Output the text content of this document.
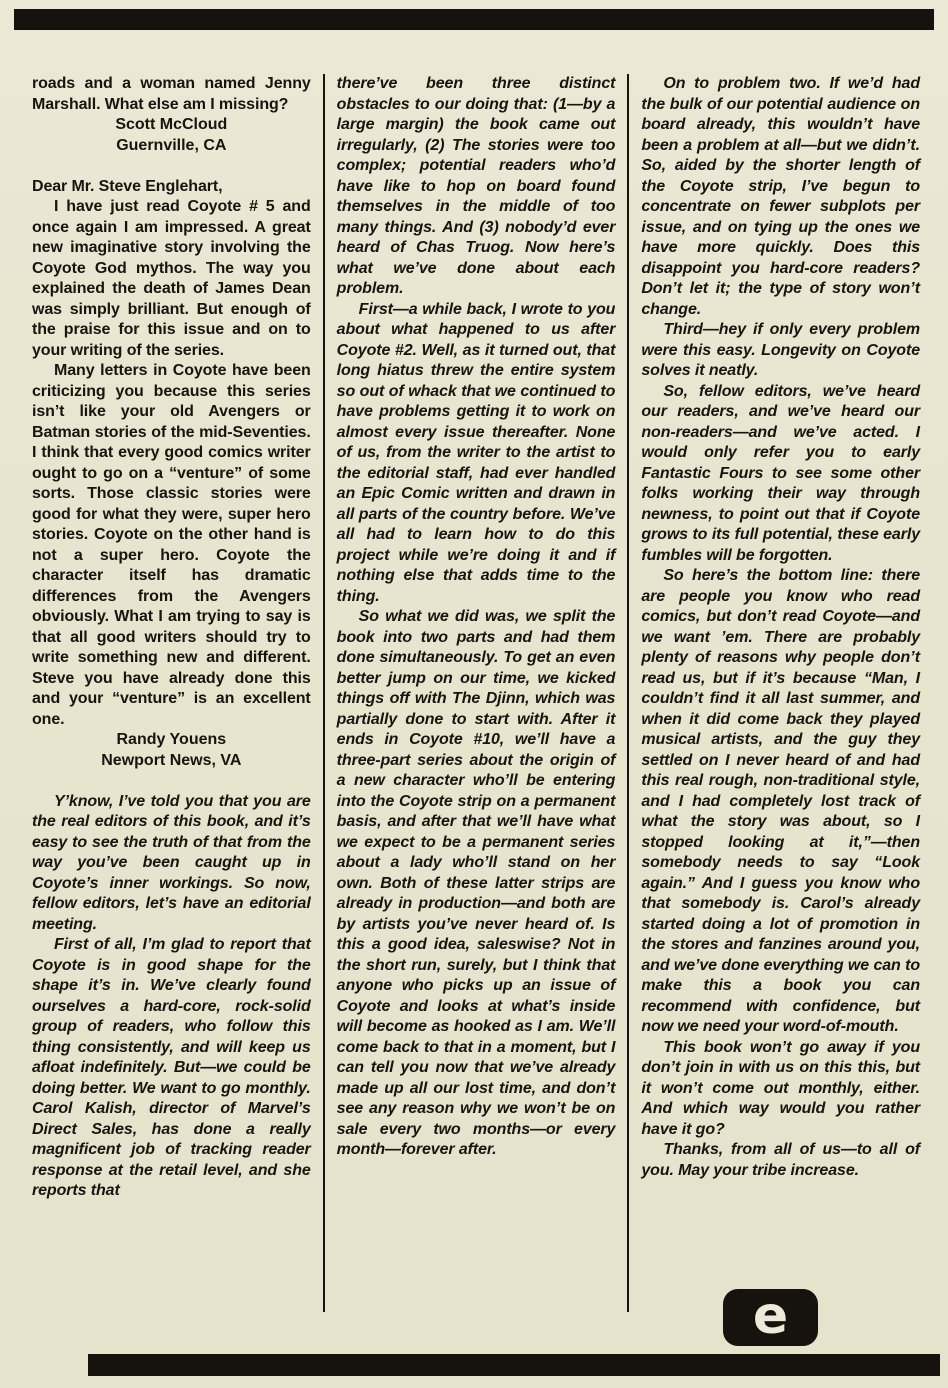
roads and a woman named Jenny Marshall. What else am I missing?

Scott McCloud
Guernville, CA

Dear Mr. Steve Englehart,

I have just read Coyote # 5 and once again I am impressed. A great new imaginative story involving the Coyote God mythos. The way you explained the death of James Dean was simply brilliant. But enough of the praise for this issue and on to your writing of the series.

Many letters in Coyote have been criticizing you because this series isn’t like your old Avengers or Batman stories of the mid-Seventies. I think that every good comics writer ought to go on a “venture” of some sorts. Those classic stories were good for what they were, super hero stories. Coyote on the other hand is not a super hero. Coyote the character itself has dramatic differences from the Avengers obviously. What I am trying to say is that all good writers should try to write something new and different. Steve you have already done this and your “venture” is an excellent one.

Randy Youens
Newport News, VA

Y’know, I’ve told you that you are the real editors of this book, and it’s easy to see the truth of that from the way you’ve been caught up in Coyote’s inner workings. So now, fellow editors, let’s have an editorial meeting.

First of all, I’m glad to report that Coyote is in good shape for the shape it’s in. We’ve clearly found ourselves a hard-core, rock-solid group of readers, who follow this thing consistently, and will keep us afloat indefinitely. But—we could be doing better. We want to go monthly. Carol Kalish, director of Marvel’s Direct Sales, has done a really magnificent job of tracking reader response at the retail level, and she reports that

there’ve been three distinct obstacles to our doing that: (1—by a large margin) the book came out irregularly, (2) The stories were too complex; potential readers who’d have like to hop on board found themselves in the middle of too many things. And (3) nobody’d ever heard of Chas Truog. Now here’s what we’ve done about each problem.

First—a while back, I wrote to you about what happened to us after Coyote #2. Well, as it turned out, that long hiatus threw the entire system so out of whack that we continued to have problems getting it to work on almost every issue thereafter. None of us, from the writer to the artist to the editorial staff, had ever handled an Epic Comic written and drawn in all parts of the country before. We’ve all had to learn how to do this project while we’re doing it and if nothing else that adds time to the thing.

So what we did was, we split the book into two parts and had them done simultaneously. To get an even better jump on our time, we kicked things off with The Djinn, which was partially done to start with. After it ends in Coyote #10, we’ll have a three-part series about the origin of a new character who’ll be entering into the Coyote strip on a permanent basis, and after that we’ll have what we expect to be a permanent series about a lady who’ll stand on her own. Both of these latter strips are already in production—and both are by artists you’ve never heard of. Is this a good idea, saleswise? Not in the short run, surely, but I think that anyone who picks up an issue of Coyote and looks at what’s inside will become as hooked as I am. We’ll come back to that in a moment, but I can tell you now that we’ve already made up all our lost time, and don’t see any reason why we won’t be on sale every two months—or every month—forever after.

On to problem two. If we’d had the bulk of our potential audience on board already, this wouldn’t have been a problem at all—but we didn’t. So, aided by the shorter length of the Coyote strip, I’ve begun to concentrate on fewer subplots per issue, and on tying up the ones we have more quickly. Does this disappoint you hard-core readers? Don’t let it; the type of story won’t change.

Third—hey if only every problem were this easy. Longevity on Coyote solves it neatly.

So, fellow editors, we’ve heard our readers, and we’ve heard our non-readers—and we’ve acted. I would only refer you to early Fantastic Fours to see some other folks working their way through newness, to point out that if Coyote grows to its full potential, these early fumbles will be forgotten.

So here’s the bottom line: there are people you know who read comics, but don’t read Coyote—and we want ’em. There are probably plenty of reasons why people don’t read us, but if it’s because “Man, I couldn’t find it all last summer, and when it did come back they played musical artists, and the guy they settled on I never heard of and had this real rough, non-traditional style, and I had completely lost track of what the story was about, so I stopped looking at it,”—then somebody needs to say “Look again.” And I guess you know who that somebody is. Carol’s already started doing a lot of promotion in the stores and fanzines around you, and we’ve done everything we can to make this a book you can recommend with confidence, but now we need your word-of-mouth.

This book won’t go away if you don’t join in with us on this this, but it won’t come out monthly, either. And which way would you rather have it go?

Thanks, from all of us—to all of you. May your tribe increase.

e
